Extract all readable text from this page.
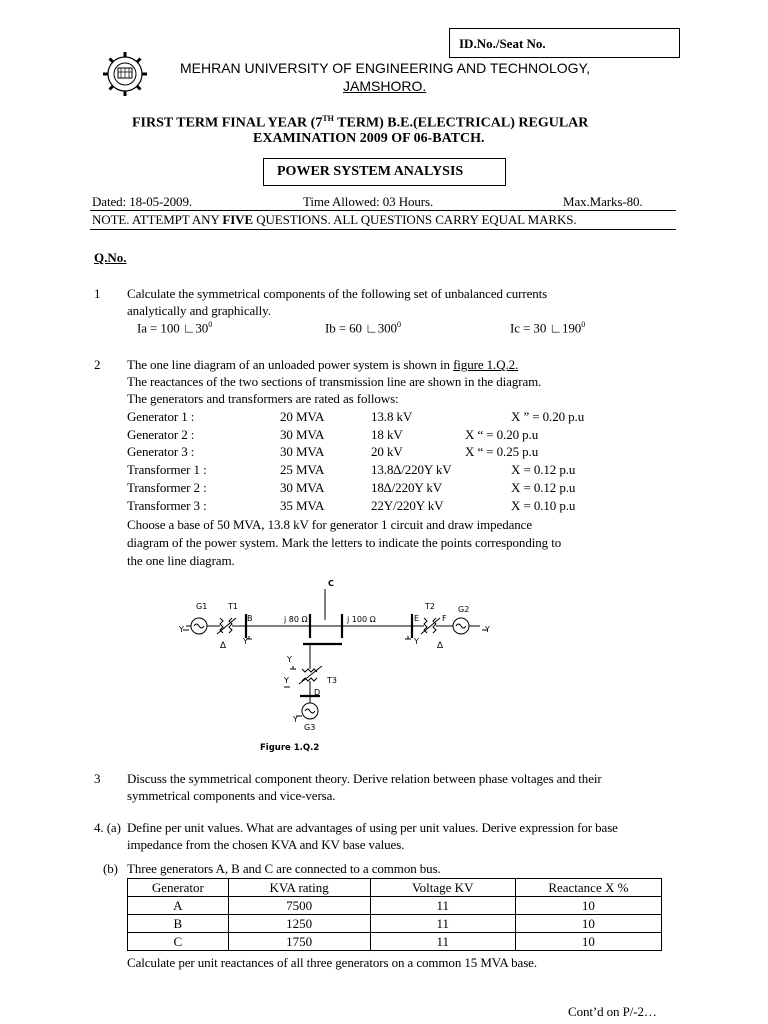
ID.No./Seat No.
MEHRAN UNIVERSITY OF ENGINEERING AND TECHNOLOGY,
JAMSHORO.
FIRST TERM FINAL YEAR (7TH TERM) B.E.(ELECTRICAL) REGULAR
EXAMINATION 2009 OF 06-BATCH.
POWER SYSTEM ANALYSIS
Dated: 18-05-2009.	Time Allowed: 03 Hours.	Max.Marks-80.
NOTE. ATTEMPT ANY FIVE QUESTIONS. ALL QUESTIONS CARRY EQUAL MARKS.
Q.No.
1 Calculate the symmetrical components of the following set of unbalanced currents
analytically and graphically.
Ia = 100 $∟30^0$	Ib = 60 $∟300^0$	Ic = 30 $∟190^0$
2 The one line diagram of an unloaded power system is shown in figure 1.Q.2.
The reactances of the two sections of transmission line are shown in the diagram.
The generators and transformers are rated as follows:
Generator 1 :	20 MVA	13.8 kV	X ” = 0.20 p.u
Generator 2 :	30 MVA	18 kV	X “ = 0.20 p.u
Generator 3 :	30 MVA	20 kV	X “ = 0.25 p.u
Transformer 1 :	25 MVA	13.8∆/220Y kV	X = 0.12 p.u
Transformer 2 :	30 MVA	18∆/220Y kV	X = 0.12 p.u
Transformer 3 :	35 MVA	22Y/220Y kV	X = 0.10 p.u
Choose a base of 50 MVA, 13.8 kV for generator 1 circuit and draw impedance
diagram of the power system. Mark the letters to indicate the points corresponding to
the one line diagram.
C
G1	T1
B	j 80 Ω	j 100 Ω	E
T2
F
G2
T3
D
G3
∆ Y	∆
Y
Y
Y
Y	Y
Y
Figure 1.Q.2
3 Discuss the symmetrical component theory. Derive relation between phase voltages and their
symmetrical components and vice-versa.
4. (a) Define per unit values. What are advantages of using per unit values. Derive expression for base
impedance from the chosen KVA and KV base values.
(b) Three generators A, B and C are connected to a common bus.
Generator	KVA rating	Voltage KV	Reactance X %
A	7500	11	10
B	1250	11	10
C	1750	11	10
Calculate per unit reactances of all three generators on a common 15 MVA base.
Cont’d on P/-2…
